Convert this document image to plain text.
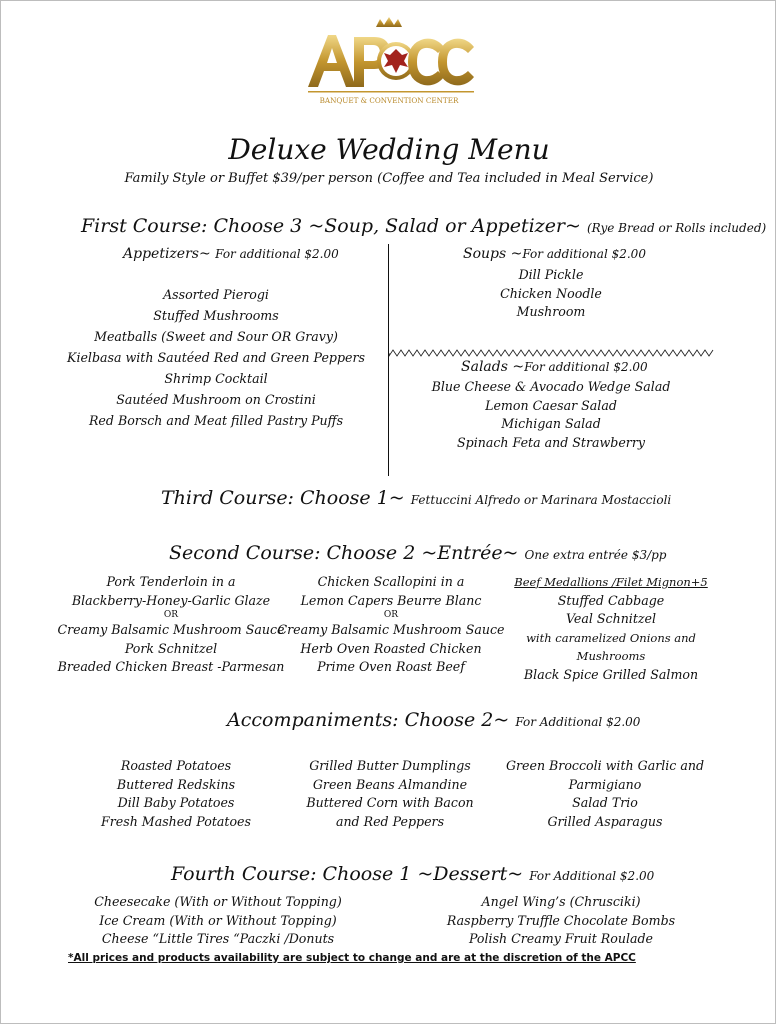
BANQUET & CONVENTION CENTER
Deluxe Wedding Menu
Family Style or Buffet $39/per person (Coffee and Tea included in Meal Service)
First Course: Choose 3 ~Soup, Salad or Appetizer~ (Rye Bread or Rolls included)
Appetizers~ For additional $2.00
Assorted Pierogi
Stuffed Mushrooms
Meatballs (Sweet and Sour OR Gravy)
Kielbasa with Sautéed Red and Green Peppers
Shrimp Cocktail
Sautéed Mushroom on Crostini
Red Borsch and Meat filled Pastry Puffs
Soups ~For additional $2.00
Dill Pickle
Chicken Noodle
Mushroom
Salads ~For additional $2.00
Blue Cheese & Avocado Wedge Salad
Lemon Caesar Salad
Michigan Salad
Spinach Feta and Strawberry
Third Course: Choose 1~ Fettuccini Alfredo or Marinara Mostaccioli
Second Course: Choose 2 ~Entrée~ One extra entrée $3/pp
Pork Tenderloin in a
Blackberry-Honey-Garlic Glaze
OR
Creamy Balsamic Mushroom Sauce
Pork Schnitzel
Breaded Chicken Breast -Parmesan
Chicken Scallopini in a
Lemon Capers Beurre Blanc
OR
Creamy Balsamic Mushroom Sauce
Herb Oven Roasted Chicken
Prime Oven Roast Beef
Beef Medallions /Filet Mignon+5
Stuffed Cabbage
Veal Schnitzel
with caramelized Onions and
Mushrooms
Black Spice Grilled Salmon
Accompaniments: Choose 2~ For Additional $2.00
Roasted Potatoes
Buttered Redskins
Dill Baby Potatoes
Fresh Mashed Potatoes
Grilled Butter Dumplings
Green Beans Almandine
Buttered Corn with Bacon
and Red Peppers
Green Broccoli with Garlic and
Parmigiano
Salad Trio
Grilled Asparagus
Fourth Course: Choose 1 ~Dessert~ For Additional $2.00
Cheesecake (With or Without Topping)
Ice Cream (With or Without Topping)
Cheese “Little Tires “Paczki /Donuts
Angel Wing’s (Chrusciki)
Raspberry Truffle Chocolate Bombs
Polish Creamy Fruit Roulade
*All prices and products availability are subject to change and are at the discretion of the APCC
